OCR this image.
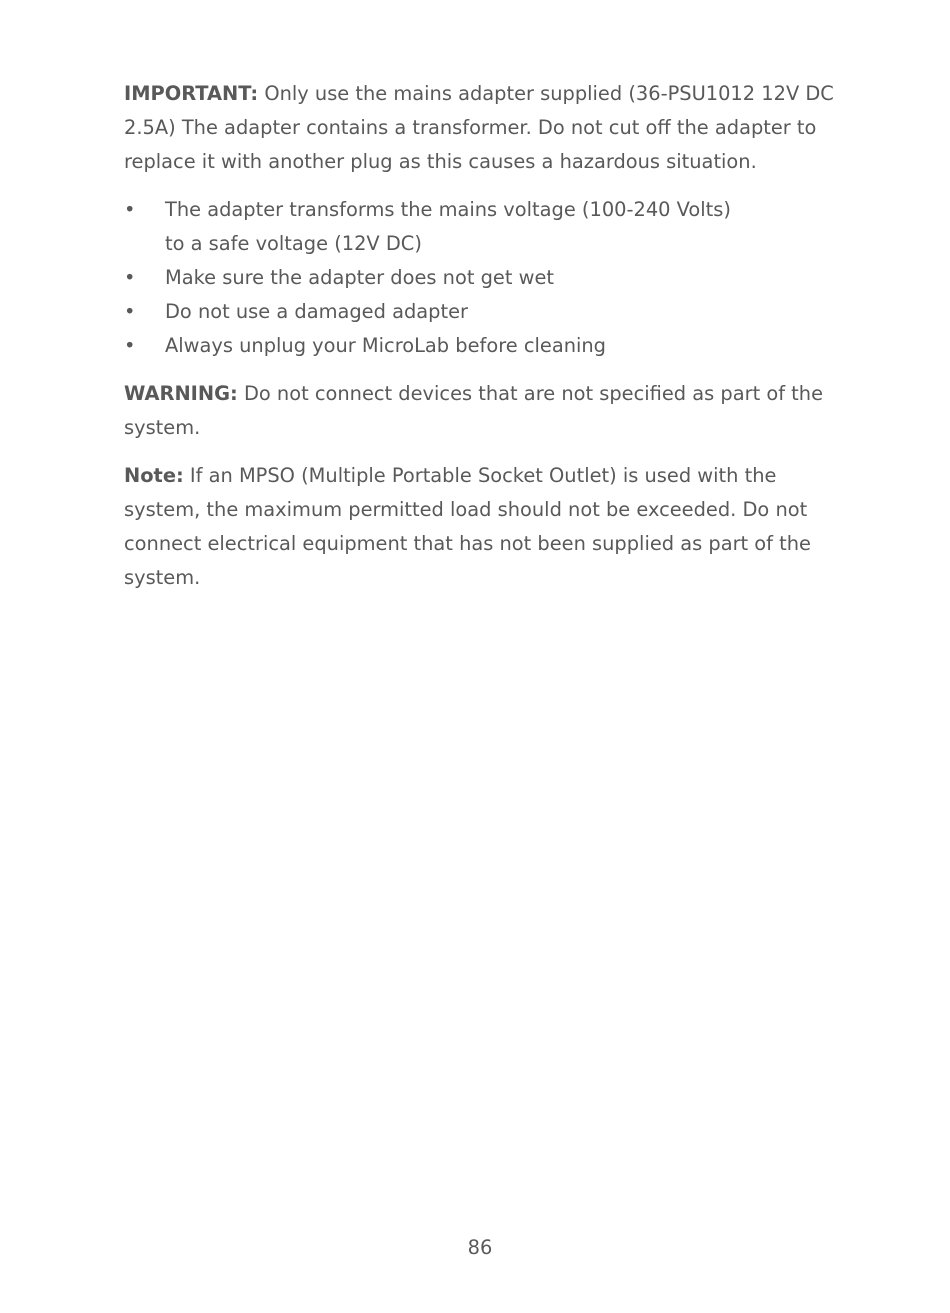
IMPORTANT: Only use the mains adapter supplied (36-PSU1012 12V DC 2.5A) The adapter contains a transformer. Do not cut off the adapter to replace it with another plug as this causes a hazardous situation.

• The adapter transforms the mains voltage (100-240 Volts)
to a safe voltage (12V DC)
• Make sure the adapter does not get wet
• Do not use a damaged adapter
• Always unplug your MicroLab before cleaning

WARNING: Do not connect devices that are not specified as part of the system.

Note: If an MPSO (Multiple Portable Socket Outlet) is used with the system, the maximum permitted load should not be exceeded. Do not connect electrical equipment that has not been supplied as part of the system.

86
